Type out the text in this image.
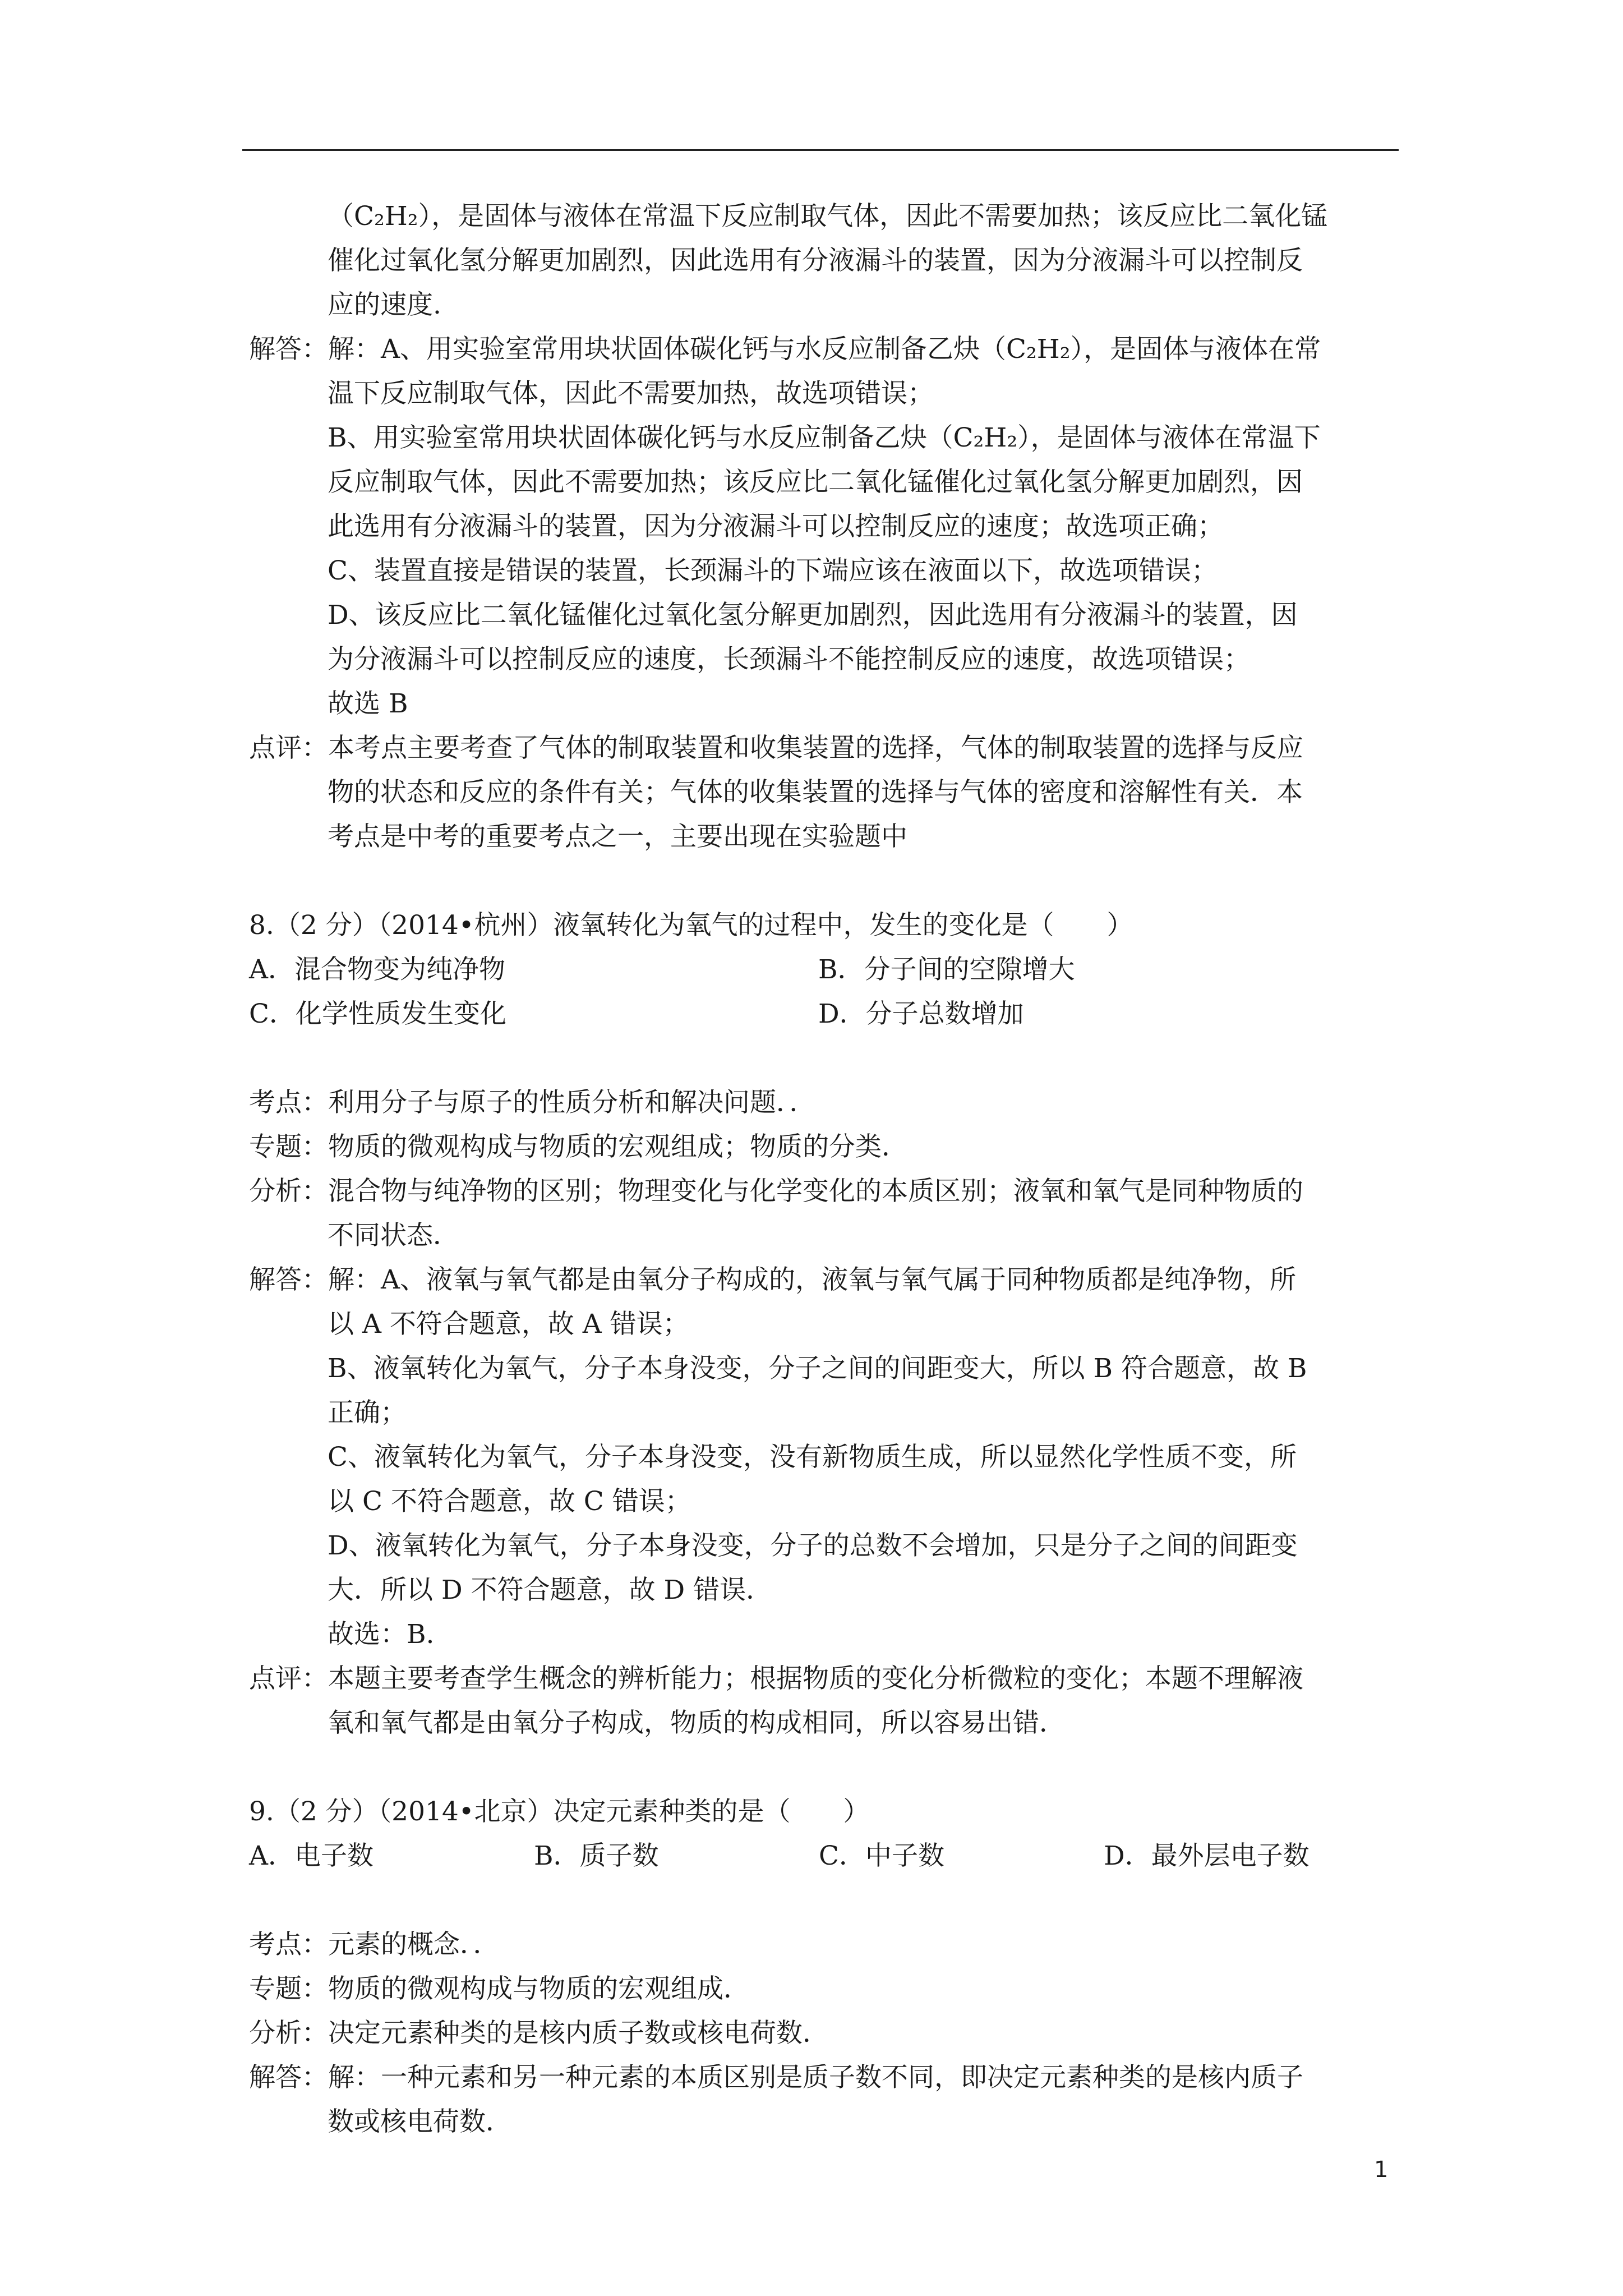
（C₂H₂），是固体与液体在常温下反应制取气体，因此不需要加热；该反应比二氧化锰
催化过氧化氢分解更加剧烈，因此选用有分液漏斗的装置，因为分液漏斗可以控制反
应的速度.
解答：解：A、用实验室常用块状固体碳化钙与水反应制备乙炔（C₂H₂），是固体与液体在常
温下反应制取气体，因此不需要加热，故选项错误；
B、用实验室常用块状固体碳化钙与水反应制备乙炔（C₂H₂），是固体与液体在常温下
反应制取气体，因此不需要加热；该反应比二氧化锰催化过氧化氢分解更加剧烈，因
此选用有分液漏斗的装置，因为分液漏斗可以控制反应的速度；故选项正确；
C、装置直接是错误的装置，长颈漏斗的下端应该在液面以下，故选项错误；
D、该反应比二氧化锰催化过氧化氢分解更加剧烈，因此选用有分液漏斗的装置，因
为分液漏斗可以控制反应的速度，长颈漏斗不能控制反应的速度，故选项错误；
故选 B
点评：本考点主要考查了气体的制取装置和收集装置的选择，气体的制取装置的选择与反应
物的状态和反应的条件有关；气体的收集装置的选择与气体的密度和溶解性有关．本
考点是中考的重要考点之一，主要出现在实验题中
8.（2 分）（2014•杭州）液氧转化为氧气的过程中，发生的变化是（　　）
A．混合物变为纯净物	B．分子间的空隙增大
C．化学性质发生变化	D．分子总数增加
考点：利用分子与原子的性质分析和解决问题．．
专题：物质的微观构成与物质的宏观组成；物质的分类．
分析：混合物与纯净物的区别；物理变化与化学变化的本质区别；液氧和氧气是同种物质的
不同状态．
解答：解：A、液氧与氧气都是由氧分子构成的，液氧与氧气属于同种物质都是纯净物，所
以 A 不符合题意，故 A 错误；
B、液氧转化为氧气，分子本身没变，分子之间的间距变大，所以 B 符合题意，故 B
正确；
C、液氧转化为氧气，分子本身没变，没有新物质生成，所以显然化学性质不变，所
以 C 不符合题意，故 C 错误；
D、液氧转化为氧气，分子本身没变，分子的总数不会增加，只是分子之间的间距变
大．所以 D 不符合题意，故 D 错误．
故选：B.
点评：本题主要考查学生概念的辨析能力；根据物质的变化分析微粒的变化；本题不理解液
氧和氧气都是由氧分子构成，物质的构成相同，所以容易出错．
9.（2 分）（2014•北京）决定元素种类的是（　　）
A．电子数	B．质子数	C．中子数	D．最外层电子数
考点：元素的概念．．
专题：物质的微观构成与物质的宏观组成．
分析：决定元素种类的是核内质子数或核电荷数．
解答：解：一种元素和另一种元素的本质区别是质子数不同，即决定元素种类的是核内质子
数或核电荷数．
1
